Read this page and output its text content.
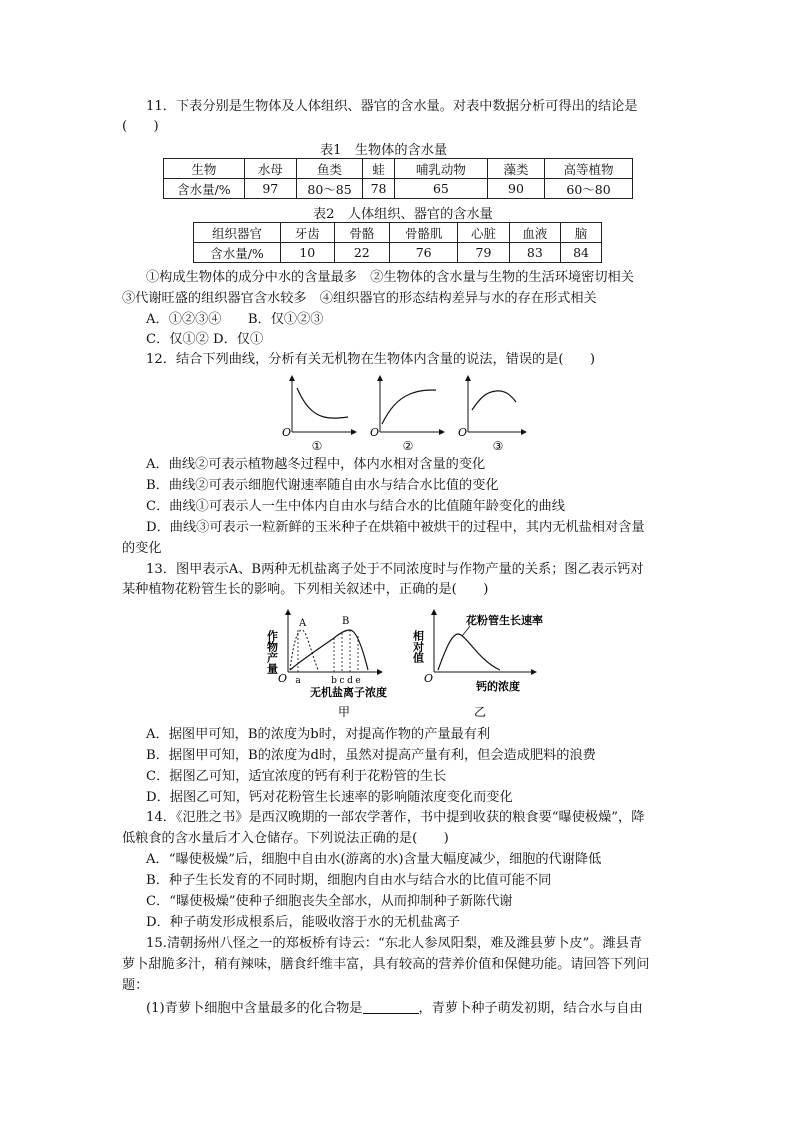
11．下表分别是生物体及人体组织、器官的含水量。对表中数据分析可得出的结论是
(　　)
表1　生物体的含水量
生物	水母	鱼类	蛙	哺乳动物	藻类	高等植物
含水量/%	97	80～85	78	65	90	60～80
表2　人体组织、器官的含水量
组织器官	牙齿	骨骼	骨骼肌	心脏	血液	脑
含水量/%	10	22	76	79	83	84
①构成生物体的成分中水的含量最多　②生物体的含水量与生物的生活环境密切相关
③代谢旺盛的组织器官含水较多　④组织器官的形态结构差异与水的存在形式相关
A．①②③④　　B．仅①②③
C．仅①② D．仅①
12．结合下列曲线，分析有关无机物在生物体内含量的说法，错误的是(　　)
O
①
O
②
O
③
A．曲线②可表示植物越冬过程中，体内水相对含量的变化
B．曲线②可表示细胞代谢速率随自由水与结合水比值的变化
C．曲线①可表示人一生中体内自由水与结合水的比值随年龄变化的曲线
D．曲线③可表示一粒新鲜的玉米种子在烘箱中被烘干的过程中，其内无机盐相对含量
的变化
13．图甲表示A、B两种无机盐离子处于不同浓度时与作物产量的关系；图乙表示钙对
某种植物花粉管生长的影响。下列相关叙述中，正确的是(　　)
作物产量
A	B
O a	b c d e
无机盐离子浓度
甲
相对值
花粉管生长速率
O
钙的浓度
乙
A．据图甲可知，B的浓度为b时，对提高作物的产量最有利
B．据图甲可知，B的浓度为d时，虽然对提高产量有利，但会造成肥料的浪费
C．据图乙可知，适宜浓度的钙有利于花粉管的生长
D．据图乙可知，钙对花粉管生长速率的影响随浓度变化而变化
14．《氾胜之书》是西汉晚期的一部农学著作，书中提到收获的粮食要“曝使极燥”，降
低粮食的含水量后才入仓储存。下列说法正确的是(　　)
A．“曝使极燥”后，细胞中自由水(游离的水)含量大幅度减少，细胞的代谢降低
B．种子生长发育的不同时期，细胞内自由水与结合水的比值可能不同
C．“曝使极燥”使种子细胞丧失全部水，从而抑制种子新陈代谢
D．种子萌发形成根系后，能吸收溶于水的无机盐离子
15.清朝扬州八怪之一的郑板桥有诗云：“东北人参凤阳梨，难及潍县萝卜皮”。潍县青
萝卜甜脆多汁，稍有辣味，膳食纤维丰富，具有较高的营养价值和保健功能。请回答下列问
题：
(1)青萝卜细胞中含量最多的化合物是	，青萝卜种子萌发初期，结合水与自由
